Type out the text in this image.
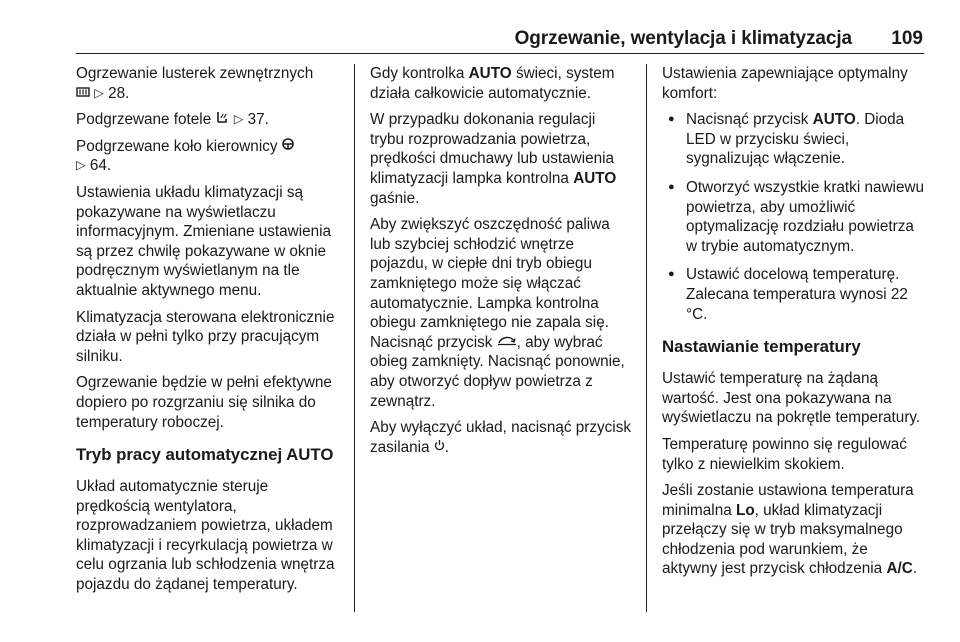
Ogrzewanie, wentylacja i klimatyzacja 109

Ogrzewanie lusterek zewnętrznych
▷ 28.

Podgrzewane fotele ▷ 37.

Podgrzewane koło kierownicy
▷ 64.

Ustawienia układu klimatyzacji są pokazywane na wyświetlaczu informacyjnym. Zmieniane ustawienia są przez chwilę pokazywane w oknie podręcznym wyświetlanym na tle aktualnie aktywnego menu.

Klimatyzacja sterowana elektronicznie działa w pełni tylko przy pracującym silniku.

Ogrzewanie będzie w pełni efektywne dopiero po rozgrzaniu się silnika do temperatury roboczej.

Tryb pracy automatycznej AUTO

Układ automatycznie steruje prędkością wentylatora, rozprowadzaniem powietrza, układem klimatyzacji i recyrkulacją powietrza w celu ogrzania lub schłodzenia wnętrza pojazdu do żądanej temperatury.

Gdy kontrolka AUTO świeci, system działa całkowicie automatycznie.

W przypadku dokonania regulacji trybu rozprowadzania powietrza, prędkości dmuchawy lub ustawienia klimatyzacji lampka kontrolna AUTO gaśnie.

Aby zwiększyć oszczędność paliwa lub szybciej schłodzić wnętrze pojazdu, w ciepłe dni tryb obiegu zamkniętego może się włączać automatycznie. Lampka kontrolna obiegu zamkniętego nie zapala się. Nacisnąć przycisk , aby wybrać obieg zamknięty. Nacisnąć ponownie, aby otworzyć dopływ powietrza z zewnątrz.

Aby wyłączyć układ, nacisnąć przycisk zasilania .

Ustawienia zapewniające optymalny komfort:

● Nacisnąć przycisk AUTO. Dioda LED w przycisku świeci, sygnalizując włączenie.
● Otworzyć wszystkie kratki nawiewu powietrza, aby umożliwić optymalizację rozdziału powietrza w trybie automatycznym.
● Ustawić docelową temperaturę. Zalecana temperatura wynosi 22 °C.

Nastawianie temperatury

Ustawić temperaturę na żądaną wartość. Jest ona pokazywana na wyświetlaczu na pokrętle temperatury.

Temperaturę powinno się regulować tylko z niewielkim skokiem.

Jeśli zostanie ustawiona temperatura minimalna Lo, układ klimatyzacji przełączy się w tryb maksymalnego chłodzenia pod warunkiem, że aktywny jest przycisk chłodzenia A/C.
